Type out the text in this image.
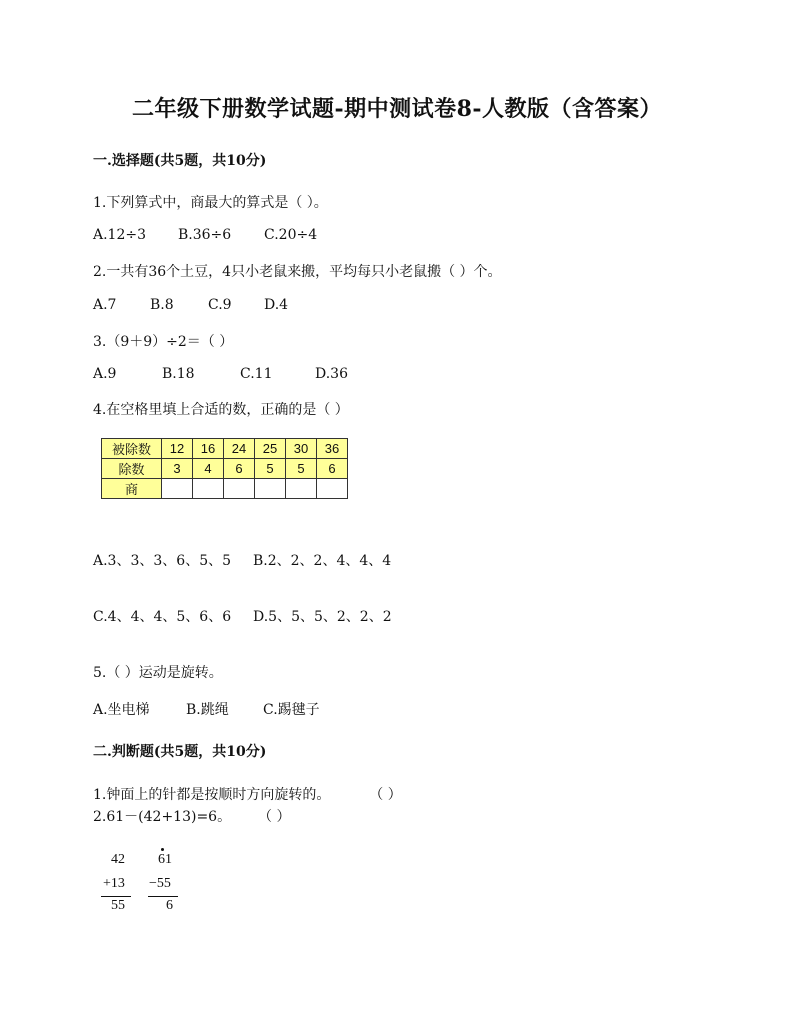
二年级下册数学试题-期中测试卷8-人教版（含答案）
一.选择题(共5题，共10分)
1.下列算式中，商最大的算式是（ ）。
A.12÷3 B.36÷6 C.20÷4
2.一共有36个土豆，4只小老鼠来搬，平均每只小老鼠搬（ ）个。
A.7 B.8 C.9 D.4
3.（9＋9）÷2＝（ ）
A.9	B.18	C.11	D.36
4.在空格里填上合适的数，正确的是（ ）
被除数	12	16	24	25	30	36
除数	3	4	6	5	5	6
商						
A.3、3、3、6、5、5 B.2、2、2、4、4、4
C.4、4、4、5、6、6 D.5、5、5、2、2、2
5.（ ）运动是旋转。
A.坐电梯	B.跳绳 C.踢毽子
二.判断题(共5题，共10分)
1.钟面上的针都是按顺时方向旋转的。	（ ）
2.61－(42+13)=6。 （ ）
42
+13
55
61
−55
6
